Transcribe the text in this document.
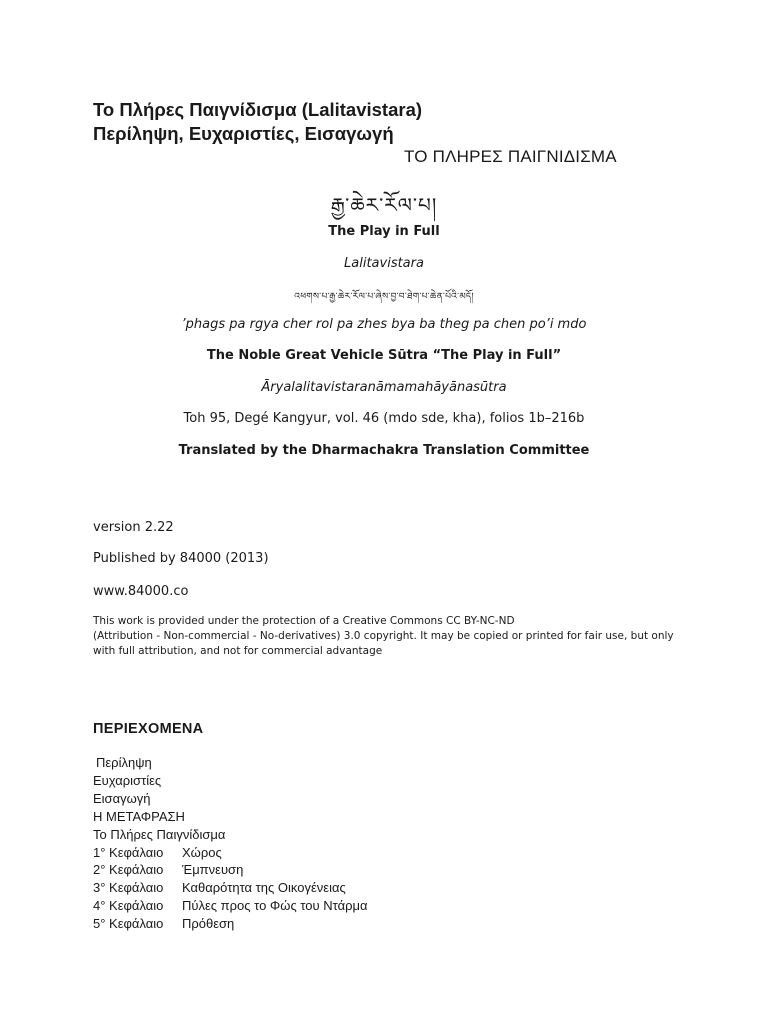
Το Πλήρες Παιγνίδισμα (Lalitavistara)
Περίληψη, Ευχαριστίες, Εισαγωγή
ΤΟ ΠΛΗΡΕΣ ΠΑΙΓΝΙΔΙΣΜΑ
རྒྱ་ཆེར་རོལ་པ།
The Play in Full
Lalitavistara
འཕགས་པ་རྒྱ་ཆེར་རོལ་པ་ཞེས་བྱ་བ་ཐེག་པ་ཆེན་པོའི་མདོ།
’phags pa rgya cher rol pa zhes bya ba theg pa chen po’i mdo
The Noble Great Vehicle Sūtra “The Play in Full”
Āryalalitavistaranāmamahāyānasūtra
Toh 95, Degé Kangyur, vol. 46 (mdo sde, kha), folios 1b–216b
Translated by the Dharmachakra Translation Committee
version 2.22
Published by 84000 (2013)
www.84000.co
This work is provided under the protection of a Creative Commons CC BY-NC-ND
(Attribution - Non-commercial - No-derivatives) 3.0 copyright. It may be copied or printed for fair use, but only
with full attribution, and not for commercial advantage
ΠΕΡΙΕΧΟΜΕΝΑ
Περίληψη
Ευχαριστίες
Εισαγωγή
Η ΜΕΤΑΦΡΑΣΗ
Το Πλήρες Παιγνίδισμα
1° Κεφάλαιο Χώρος
2° Κεφάλαιο Έμπνευση
3° Κεφάλαιο Καθαρότητα της Οικογένειας
4° Κεφάλαιο Πύλες προς το Φώς του Ντάρμα
5° Κεφάλαιο Πρόθεση
